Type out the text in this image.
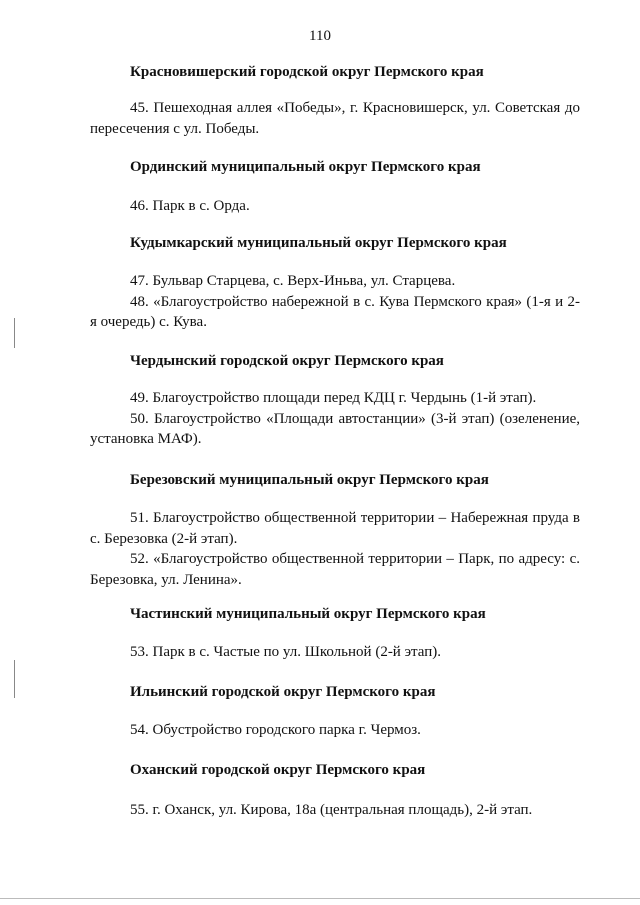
110

Красновишерский городской округ Пермского края

45. Пешеходная аллея «Победы», г. Красновишерск, ул. Советская до пересечения с ул. Победы.

Ординский муниципальный округ Пермского края

46. Парк в с. Орда.

Кудымкарский муниципальный округ Пермского края

47. Бульвар Старцева, с. Верх-Иньва, ул. Старцева.

48. «Благоустройство набережной в с. Кува Пермского края» (1-я и 2-я очередь) с. Кува.

Чердынский городской округ Пермского края

49. Благоустройство площади перед КДЦ г. Чердынь (1-й этап).

50. Благоустройство «Площади автостанции» (3-й этап) (озеленение, установка МАФ).

Березовский муниципальный округ Пермского края

51. Благоустройство общественной территории – Набережная пруда в с. Березовка (2-й этап).

52. «Благоустройство общественной территории – Парк, по адресу: с. Березовка, ул. Ленина».

Частинский муниципальный округ Пермского края

53. Парк в с. Частые по ул. Школьной (2-й этап).

Ильинский городской округ Пермского края

54. Обустройство городского парка г. Чермоз.

Оханский городской округ Пермского края

55. г. Оханск, ул. Кирова, 18а (центральная площадь), 2-й этап.
